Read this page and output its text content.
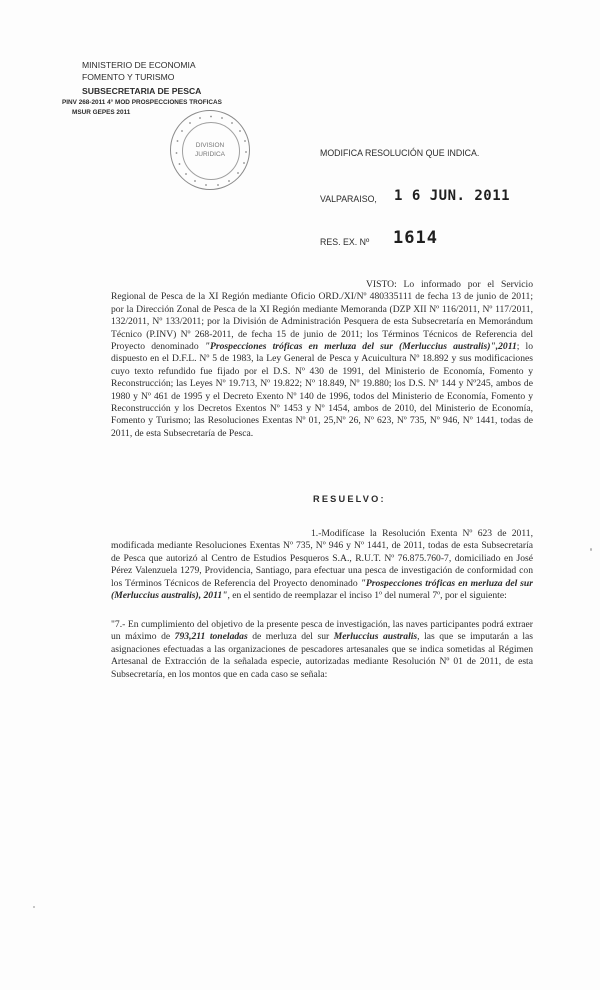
MINISTERIO DE ECONOMIA
FOMENTO Y TURISMO
SUBSECRETARIA DE PESCA
PINV 268-2011 4° MOD PROSPECCIONES TROFICAS
MSUR GEPES 2011
DIVISION
JURIDICA	MODIFICA RESOLUCIÓN QUE INDICA.
VALPARAISO, 1 6 JUN. 2011
RES. EX. Nº 1614
VISTO: Lo informado por el Servicio Regional de Pesca de la XI Región mediante Oficio ORD./XI/Nº 480335111 de fecha 13 de junio de 2011; por la Dirección Zonal de Pesca de la XI Región mediante Memoranda (DZP XII Nº 116/2011, Nº 117/2011, 132/2011, Nº 133/2011; por la División de Administración Pesquera de esta Subsecretaría en Memorándum Técnico (P.INV) Nº 268-2011, de fecha 15 de junio de 2011; los Términos Técnicos de Referencia del Proyecto denominado "Prospecciones tróficas en merluza del sur (Merluccius australis)",2011; lo dispuesto en el D.F.L. Nº 5 de 1983, la Ley General de Pesca y Acuicultura Nº 18.892 y sus modificaciones cuyo texto refundido fue fijado por el D.S. Nº 430 de 1991, del Ministerio de Economía, Fomento y Reconstrucción; las Leyes Nº 19.713, Nº 19.822; Nº 18.849, Nº 19.880; los D.S. Nº 144 y Nº245, ambos de 1980 y Nº 461 de 1995 y el Decreto Exento Nº 140 de 1996, todos del Ministerio de Economía, Fomento y Reconstrucción y los Decretos Exentos Nº 1453 y Nº 1454, ambos de 2010, del Ministerio de Economía, Fomento y Turismo; las Resoluciones Exentas Nº 01, 25,Nº 26, Nº 623, Nº 735, Nº 946, Nº 1441, todas de 2011, de esta Subsecretaría de Pesca.
RESUELVO:
1.-Modifícase la Resolución Exenta Nº 623 de 2011, modificada mediante Resoluciones Exentas Nº 735, Nº 946 y Nº 1441, de 2011, todas de esta Subsecretaría de Pesca que autorizó al Centro de Estudios Pesqueros S.A., R.U.T. Nº 76.875.760-7, domiciliado en José Pérez Valenzuela 1279, Providencia, Santiago, para efectuar una pesca de investigación de conformidad con los Términos Técnicos de Referencia del Proyecto denominado "Prospecciones tróficas en merluza del sur (Merluccius australis), 2011", en el sentido de reemplazar el inciso 1º del numeral 7º, por el siguiente:
"7.- En cumplimiento del objetivo de la presente pesca de investigación, las naves participantes podrá extraer un máximo de 793,211 toneladas de merluza del sur Merluccius australis, las que se imputarán a las asignaciones efectuadas a las organizaciones de pescadores artesanales que se indica sometidas al Régimen Artesanal de Extracción de la señalada especie, autorizadas mediante Resolución Nº 01 de 2011, de esta Subsecretaría, en los montos que en cada caso se señala:
